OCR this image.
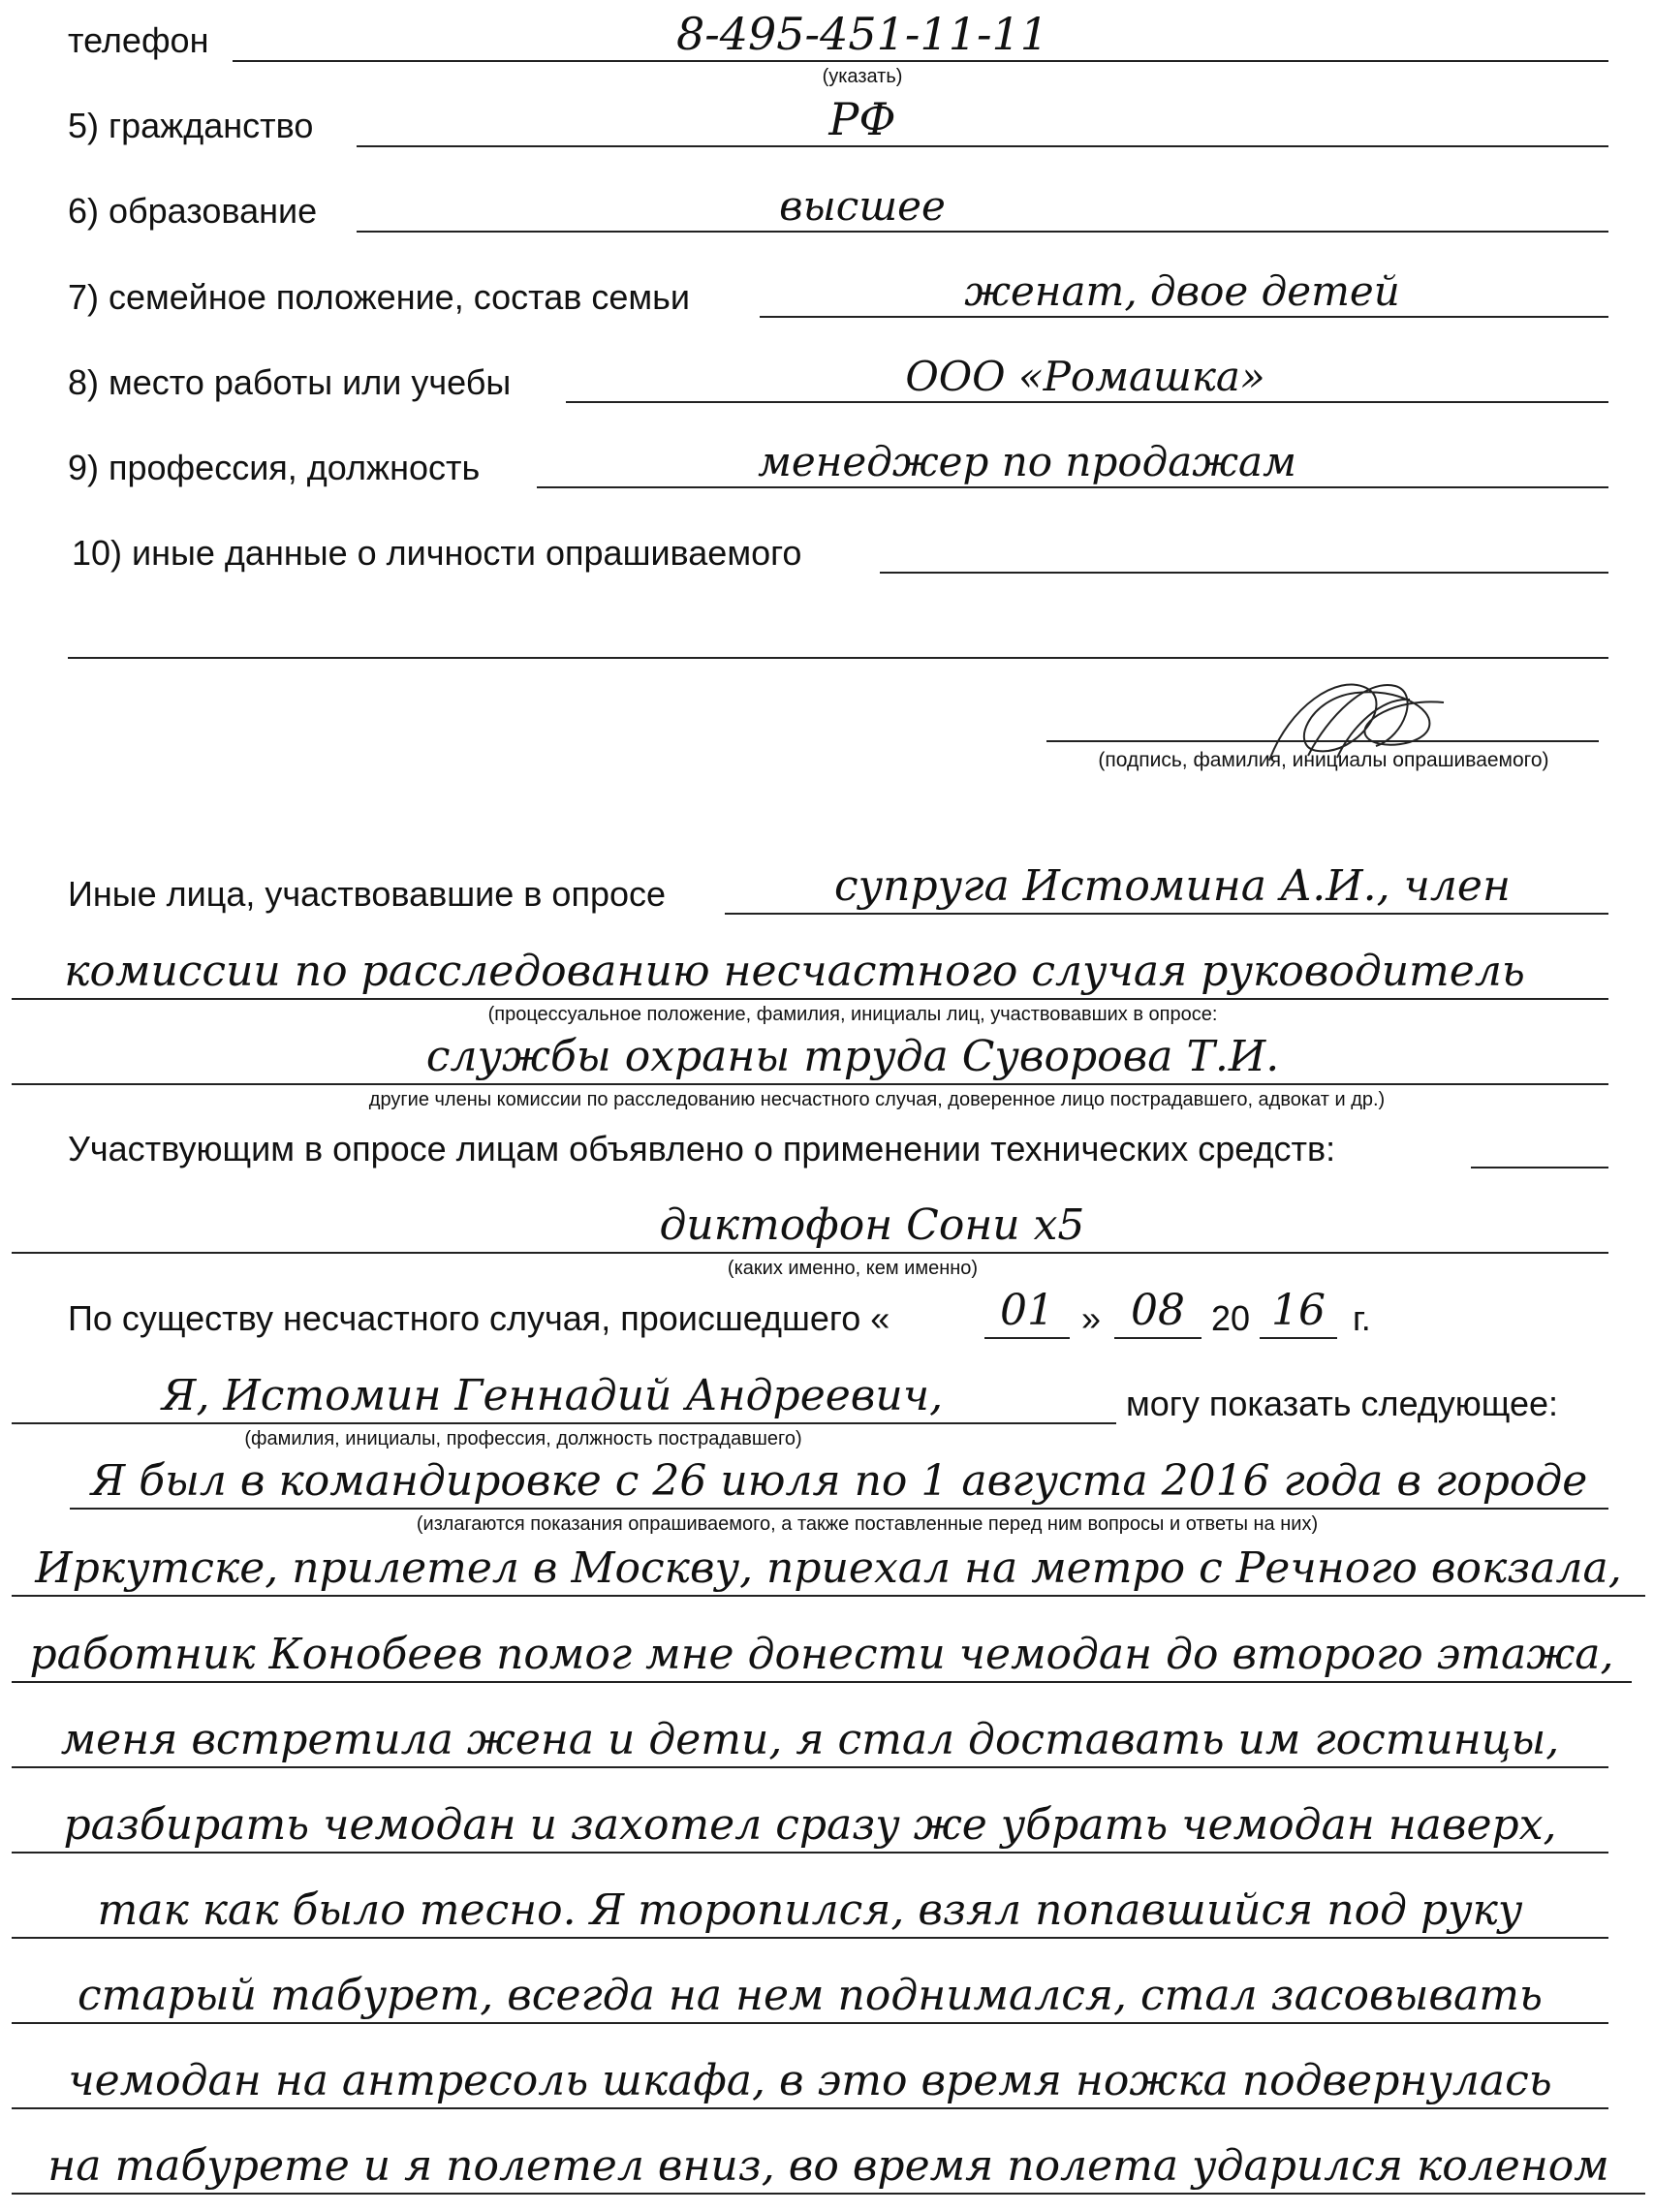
телефон	8-495-451-11-11
(указать)
5) гражданство	РФ
6) образование	высшее
7) семейное положение, состав семьи	женат, двое детей
8) место работы или учебы	ООО «Ромашка»
9) профессия, должность	менеджер по продажам
10) иные данные о личности опрашиваемого
(подпись, фамилия, инициалы опрашиваемого)
Иные лица, участвовавшие в опросе	супруга Истомина А.И., член
комиссии по расследованию несчастного случая руководитель
(процессуальное положение, фамилия, инициалы лиц, участвовавших в опросе:
службы охраны труда Суворова Т.И.
другие члены комиссии по расследованию несчастного случая, доверенное лицо пострадавшего, адвокат и др.)
Участвующим в опросе лицам объявлено о применении технических средств:
диктофон Сони х5
(каких именно, кем именно)
По существу несчастного случая, происшедшего «	01 » 08 20 16 г.
Я, Истомин Геннадий Андреевич,	могу показать следующее:
(фамилия, инициалы, профессия, должность пострадавшего)
Я был в командировке с 26 июля по 1 августа 2016 года в городе
(излагаются показания опрашиваемого, а также поставленные перед ним вопросы и ответы на них)
Иркутске, прилетел в Москву, приехал на метро с Речного вокзала,
работник Конобеев помог мне донести чемодан до второго этажа,
меня встретила жена и дети, я стал доставать им гостинцы,
разбирать чемодан и захотел сразу же убрать чемодан наверх,
так как было тесно. Я торопился, взял попавшийся под руку
старый табурет, всегда на нем поднимался, стал засовывать
чемодан на антресоль шкафа, в это время ножка подвернулась
на табурете и я полетел вниз, во время полета ударился коленом
